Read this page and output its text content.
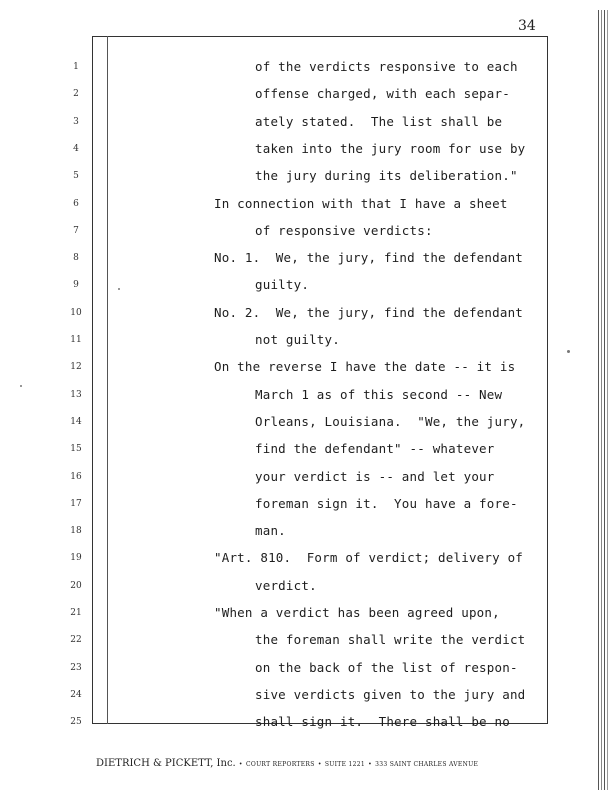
34
1	of the verdicts responsive to each
2	offense charged, with each separ-
3	ately stated.  The list shall be
4	taken into the jury room for use by
5	the jury during its deliberation."
6	In connection with that I have a sheet
7	of responsive verdicts:
8	No. 1.  We, the jury, find the defendant
9	guilty.
10	No. 2.  We, the jury, find the defendant
11	not guilty.
12	On the reverse I have the date -- it is
13	March 1 as of this second -- New
14	Orleans, Louisiana.  "We, the jury,
15	find the defendant" -- whatever
16	your verdict is -- and let your
17	foreman sign it.  You have a fore-
18	man.
19	"Art. 810.  Form of verdict; delivery of
20	verdict.
21	"When a verdict has been agreed upon,
22	the foreman shall write the verdict
23	on the back of the list of respon-
24	sive verdicts given to the jury and
25	shall sign it.  There shall be no
DIETRICH & PICKETT, Inc. • COURT REPORTERS • SUITE 1221 • 333 SAINT CHARLES AVENUE
